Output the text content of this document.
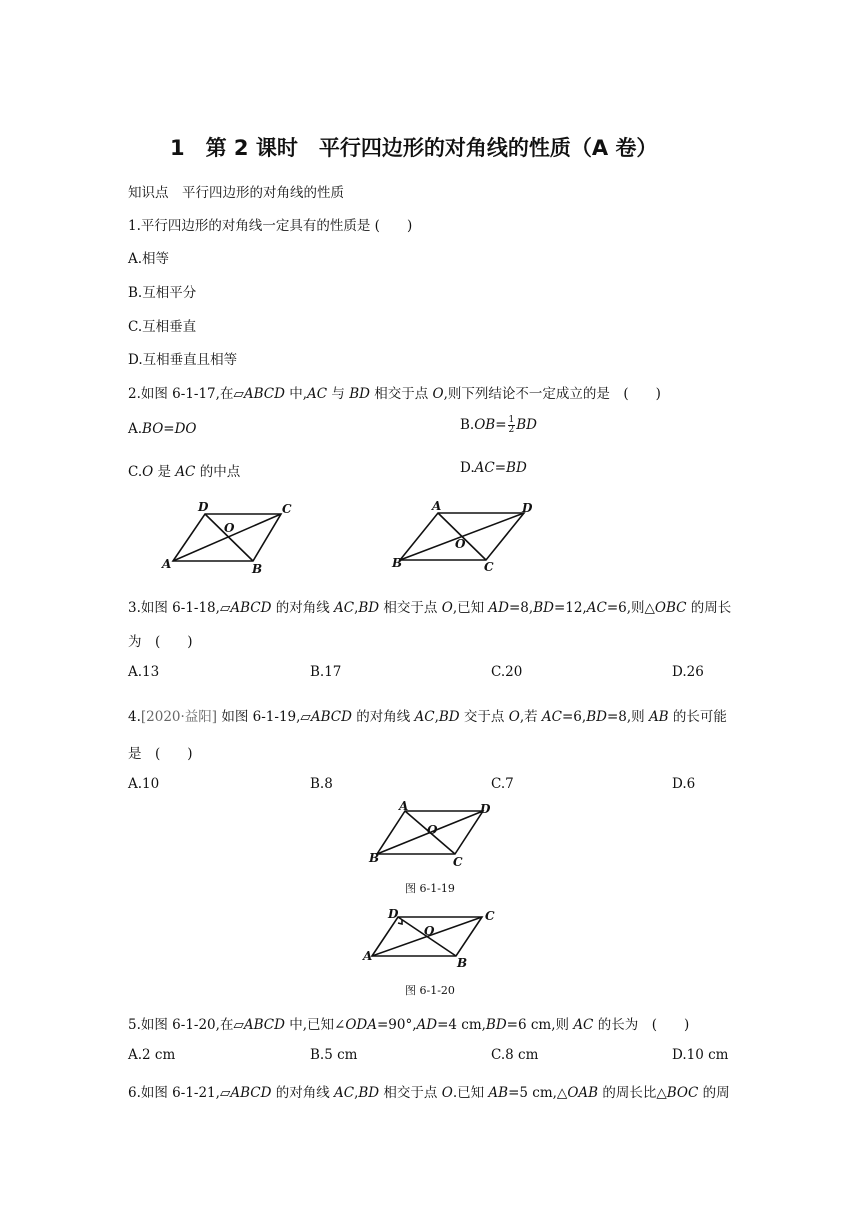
1　第 2 课时　平行四边形的对角线的性质（A 卷）
知识点　平行四边形的对角线的性质
1.平行四边形的对角线一定具有的性质是 (　　)
A.相等
B.互相平分
C.互相垂直
D.互相垂直且相等
2.如图 6-1-17,在▱ABCD 中,AC 与 BD 相交于点 O,则下列结论不一定成立的是　(　　)
A.BO=DO	$B.OB= \frac{1}{2}$ BD
C.O 是 AC 的中点	D.AC=BD
D	C
O
A	B
A	D
O
B	C
3.如图 6-1-18,▱ABCD 的对角线 AC,BD 相交于点 O,已知 AD=8,BD=12,AC=6,则△OBC 的周长
为　(　　)
A.13	B.17	C.20	D.26
4.[2020·益阳] 如图 6-1-19,▱ABCD 的对角线 AC,BD 交于点 O,若 AC=6,BD=8,则 AB 的长可能
是　(　　)
A.10	B.8	C.7	D.6
A	D
O
B	C
图 6-1-19
D	C
O
A	B
图 6-1-20
5.如图 6-1-20,在▱ABCD 中,已知∠ODA=90°,AD=4 cm,BD=6 cm,则 AC 的长为　(　　)
A.2 cm	B.5 cm	C.8 cm	D.10 cm
6.如图 6-1-21,▱ABCD 的对角线 AC,BD 相交于点 O.已知 AB=5 cm,△OAB 的周长比△BOC 的周
